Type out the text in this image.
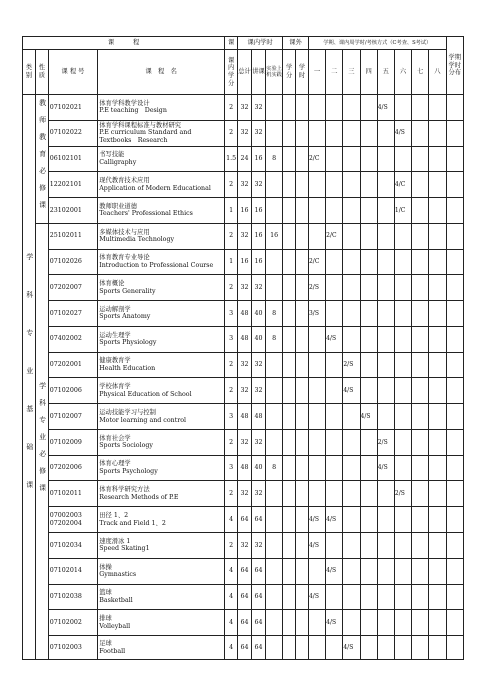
课　　　程				课	课内学时			课外		学期、课内周学时/考核方式（C考查、S考试）								学期学时分布
类别	性质	课 程 号	课　程　名	课内学分	总计	讲课	实验上机实践	学分	学时	一	二	三	四	五	六	七	八	
学　科　专　业　基　础　课	教师教育必修课	07102021	体育学科教学设计
P.E teaching　Design	2	32	32								4/S				

		07102022	体育学科课程标准与教材研究
P.E curriculum Standard and
Textbooks　Research	2	32	32									4/S			

		06102101	书写技能
Calligraphy	1.5	24	16	8			2/C								

		12202101	现代教育技术应用
Application of Modern Educational	2	32	32									4/C			

		23102001	教师职业道德
Teachers' Professional Ethics	1	16	16									1/C			
	学科专业必修课	25102011	多媒体技术与应用
Multimedia Technology	2	32	16	16				2/C							

		07102026	体育教育专业导论
Introduction to Professional Course	1	16	16				2/C								

		07202007	体育概论
Sports Generality	2	32	32				2/S								

		07102027	运动解剖学
Sports Anatomy	3	48	40	8			3/S								

		07402002	运动生理学
Sports Physiology	3	48	40	8				4/S							

		07202001	健康教育学
Health Education	2	32	32						2/S						

		07102006	学校体育学
Physical Education of School	2	32	32						4/S						

		07102007	运动技能学习与控制
Motor learning and control	3	48	48							4/S					

		07102009	体育社会学
Sports Sociology	2	32	32								2/S				

		07202006	体育心理学
Sports Psychology	3	48	40	8							4/S				

		07102011	体育科学研究方法
Research Methods of P.E	2	32	32									2/S			

		07002003
07202004	田径 1、2
Track and Field 1、2	4	64	64				4/S	4/S							

		07102034	速度滑冰 1
Speed Skating1	2	32	32				4/S								

		07102014	体操
Gymnastics	4	64	64					4/S							

		07102038	篮球
Basketball	4	64	64				4/S								

		07102002	排球
Volleyball	4	64	64					4/S							

		07102003	足球
Football	4	64	64						4/S						
